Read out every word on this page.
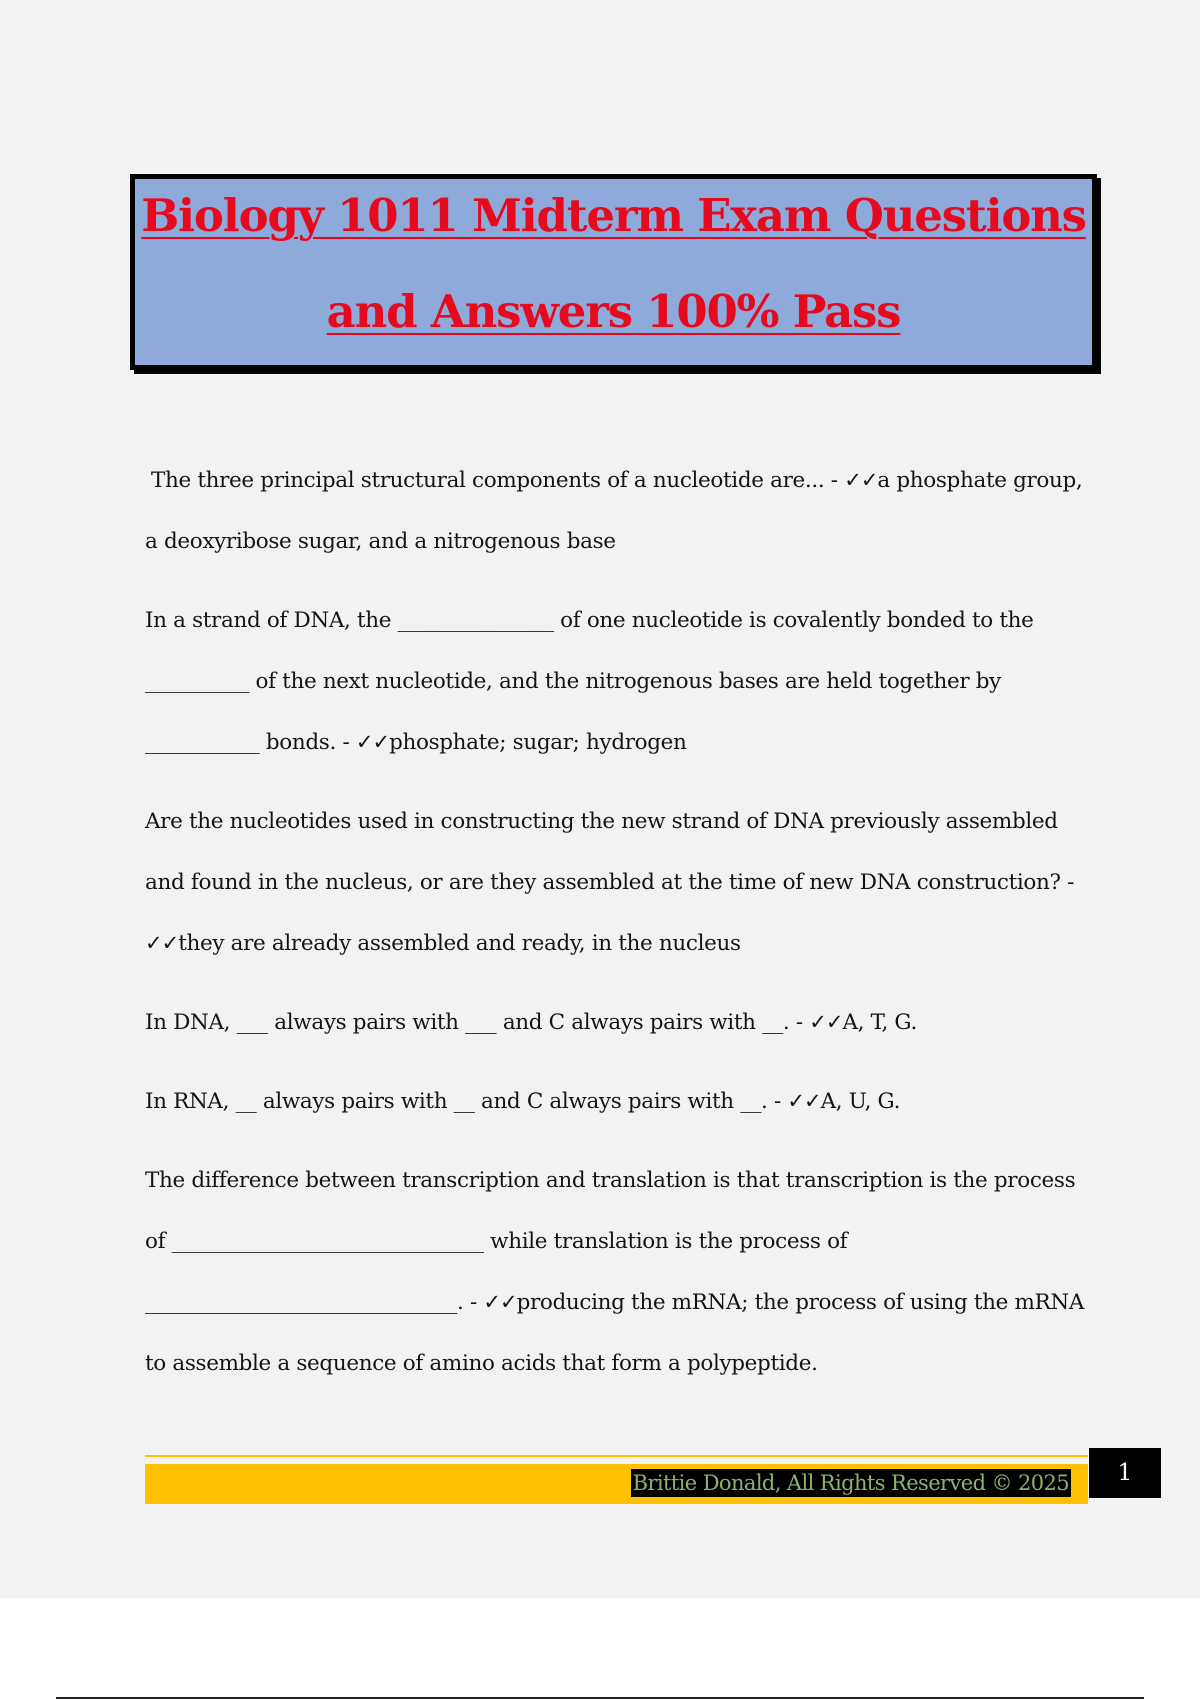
Biology 1011 Midterm Exam Questions
and Answers 100% Pass

The three principal structural components of a nucleotide are... - ✓✓a phosphate group, a deoxyribose sugar, and a nitrogenous base

In a strand of DNA, the _______________ of one nucleotide is covalently bonded to the __________ of the next nucleotide, and the nitrogenous bases are held together by ___________ bonds. - ✓✓phosphate; sugar; hydrogen

Are the nucleotides used in constructing the new strand of DNA previously assembled and found in the nucleus, or are they assembled at the time of new DNA construction? - ✓✓they are already assembled and ready, in the nucleus

In DNA, ___ always pairs with ___ and C always pairs with __. - ✓✓A, T, G.

In RNA, __ always pairs with __ and C always pairs with __. - ✓✓A, U, G.

The difference between transcription and translation is that transcription is the process of ______________________________ while translation is the process of ______________________________. - ✓✓producing the mRNA; the process of using the mRNA to assemble a sequence of amino acids that form a polypeptide.

Brittie Donald, All Rights Reserved © 2025	1
